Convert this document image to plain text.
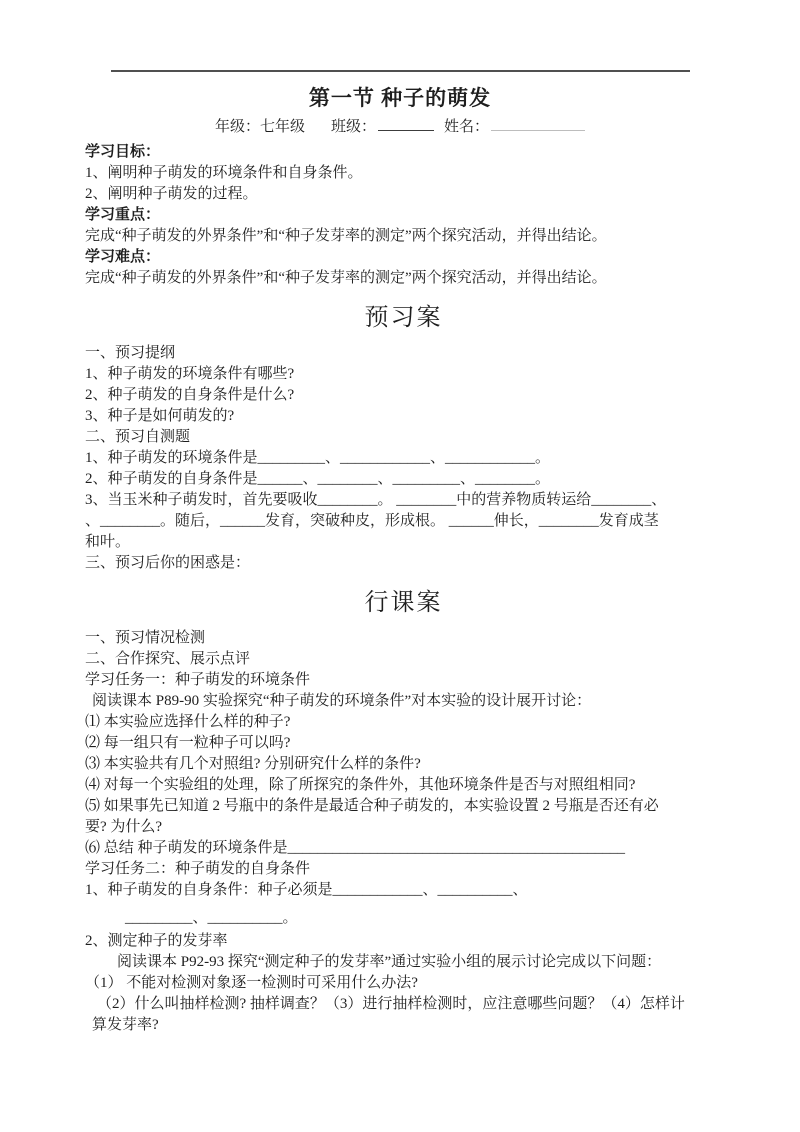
第一节 种子的萌发
年级：七年级 班级：	姓名：

学习目标：

1、阐明种子萌发的环境条件和自身条件。

2、阐明种子萌发的过程。

学习重点：

完成“种子萌发的外界条件”和“种子发芽率的测定”两个探究活动，并得出结论。

学习难点：

完成“种子萌发的外界条件”和“种子发芽率的测定”两个探究活动，并得出结论。

预习案

一、预习提纲

1、种子萌发的环境条件有哪些?

2、种子萌发的自身条件是什么?

3、种子是如何萌发的?

二、预习自测题

1、种子萌发的环境条件是_________、____________、____________。

2、种子萌发的自身条件是______、________、_________、________。

3、当玉米种子萌发时，首先要吸收________。 ________中的营养物质转运给________、

、________。随后，______发育，突破种皮，形成根。 ______伸长，________发育成茎

和叶。

三、预习后你的困惑是：

行课案

一、预习情况检测

二、合作探究、展示点评

学习任务一：种子萌发的环境条件

阅读课本 P89-90 实验探究“种子萌发的环境条件”对本实验的设计展开讨论：

⑴ 本实验应选择什么样的种子?

⑵ 每一组只有一粒种子可以吗?

⑶ 本实验共有几个对照组? 分别研究什么样的条件?

⑷ 对每一个实验组的处理，除了所探究的条件外，其他环境条件是否与对照组相同?

⑸ 如果事先已知道 2 号瓶中的条件是最适合种子萌发的，本实验设置 2 号瓶是否还有必

要? 为什么?

⑹ 总结 种子萌发的环境条件是_____________________________________________

学习任务二：种子萌发的自身条件

1、种子萌发的自身条件：种子必须是____________、__________、

_________、__________。

2、测定种子的发芽率

阅读课本 P92-93 探究“测定种子的发芽率”通过实验小组的展示讨论完成以下问题：

（1） 不能对检测对象逐一检测时可采用什么办法?

（2）什么叫抽样检测? 抽样调查？（3）进行抽样检测时，应注意哪些问题？（4）怎样计

算发芽率?
